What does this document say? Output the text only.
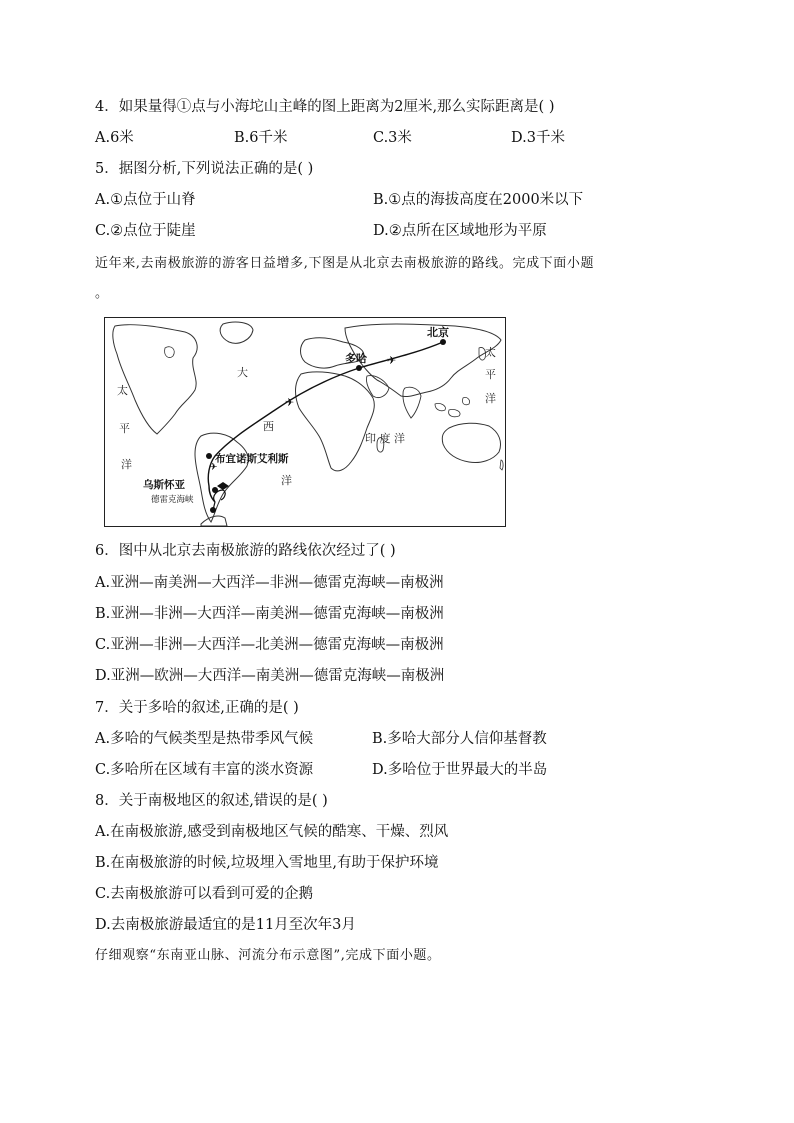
4．如果量得①点与小海坨山主峰的图上距离为2厘米,那么实际距离是( )
A.6米	B.6千米	C.3米	D.3千米
5．据图分析,下列说法正确的是( )
A.①点位于山脊	B.①点的海拔高度在2000米以下
C.②点位于陡崖	D.②点所在区域地形为平原
近年来,去南极旅游的游客日益增多,下图是从北京去南极旅游的路线。完成下面小题
。
✈
✈
✈
北京
多哈
布宜诺斯艾利斯
乌斯怀亚
德雷克海峡
太
平
洋
太
平
洋
大
西
洋
印 度 洋
6．图中从北京去南极旅游的路线依次经过了( )
A.亚洲—南美洲—大西洋—非洲—德雷克海峡—南极洲
B.亚洲—非洲—大西洋—南美洲—德雷克海峡—南极洲
C.亚洲—非洲—大西洋—北美洲—德雷克海峡—南极洲
D.亚洲—欧洲—大西洋—南美洲—德雷克海峡—南极洲
7．关于多哈的叙述,正确的是( )
A.多哈的气候类型是热带季风气候	B.多哈大部分人信仰基督教
C.多哈所在区域有丰富的淡水资源	D.多哈位于世界最大的半岛
8．关于南极地区的叙述,错误的是( )
A.在南极旅游,感受到南极地区气候的酷寒、干燥、烈风
B.在南极旅游的时候,垃圾埋入雪地里,有助于保护环境
C.去南极旅游可以看到可爱的企鹅
D.去南极旅游最适宜的是11月至次年3月
仔细观察“东南亚山脉、河流分布示意图”,完成下面小题。
